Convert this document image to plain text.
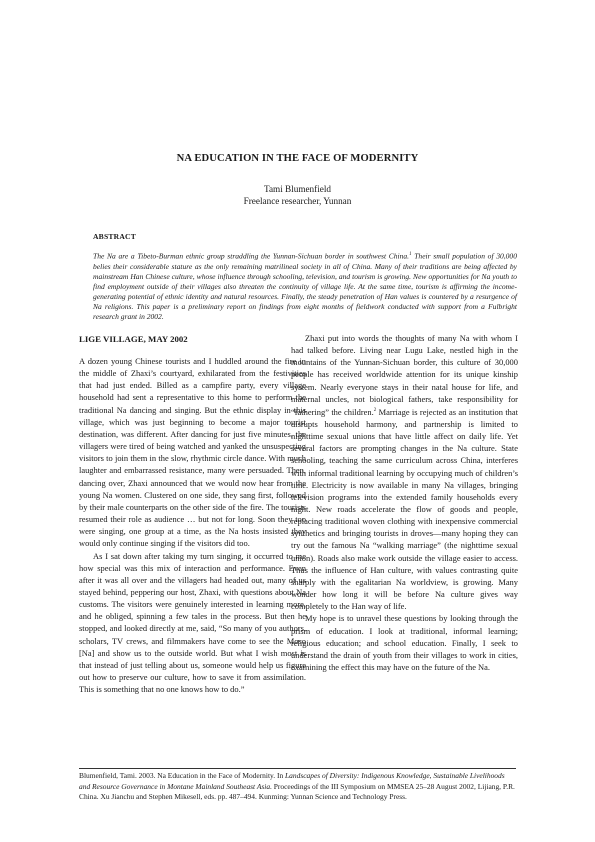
NA EDUCATION IN THE FACE OF MODERNITY
Tami Blumenfield
Freelance researcher, Yunnan
ABSTRACT

The Na are a Tibeto-Burman ethnic group straddling the Yunnan-Sichuan border in southwest China.$^1$ Their small population of 30,000 belies their considerable stature as the only remaining matrilineal society in all of China. Many of their traditions are being affected by mainstream Han Chinese culture, whose influence through schooling, television, and tourism is growing. New opportunities for Na youth to find employment outside of their villages also threaten the continuity of village life. At the same time, tourism is affirming the income-generating potential of ethnic identity and natural resources. Finally, the steady penetration of Han values is countered by a resurgence of Na religions. This paper is a preliminary report on findings from eight months of fieldwork conducted with support from a Fulbright research grant in 2002.

LIGE VILLAGE, MAY 2002

A dozen young Chinese tourists and I huddled around the fire in the middle of Zhaxi’s courtyard, exhilarated from the festivities that had just ended. Billed as a campfire party, every village household had sent a representative to this home to perform the traditional Na dancing and singing. But the ethnic display in this village, which was just beginning to become a major tourist destination, was different. After dancing for just five minutes, the villagers were tired of being watched and yanked the unsuspecting visitors to join them in the slow, rhythmic circle dance. With much laughter and embarrassed resistance, many were persuaded. Then, dancing over, Zhaxi announced that we would now hear from the young Na women. Clustered on one side, they sang first, followed by their male counterparts on the other side of the fire. The tourists resumed their role as audience … but not for long. Soon they too were singing, one group at a time, as the Na hosts insisted they would only continue singing if the visitors did too.

As I sat down after taking my turn singing, it occurred to me how special was this mix of interaction and performance. Even after it was all over and the villagers had headed out, many of us stayed behind, peppering our host, Zhaxi, with questions about Na customs. The visitors were genuinely interested in learning more, and he obliged, spinning a few tales in the process. But then he stopped, and looked directly at me, said, “So many of you authors, scholars, TV crews, and filmmakers have come to see the Moso [Na] and show us to the outside world. But what I wish most is that instead of just telling about us, someone would help us figure out how to preserve our culture, how to save it from assimilation. This is something that no one knows how to do.”

Zhaxi put into words the thoughts of many Na with whom I had talked before. Living near Lugu Lake, nestled high in the mountains of the Yunnan-Sichuan border, this culture of 30,000 people has received worldwide attention for its unique kinship system. Nearly everyone stays in their natal house for life, and maternal uncles, not biological fathers, take responsibility for “fathering” the children.$^2$ Marriage is rejected as an institution that disrupts household harmony, and partnership is limited to nighttime sexual unions that have little affect on daily life. Yet several factors are prompting changes in the Na culture. State schooling, teaching the same curriculum across China, interferes with informal traditional learning by occupying much of children’s time. Electricity is now available in many Na villages, bringing television programs into the extended family households every night. New roads accelerate the flow of goods and people, replacing traditional woven clothing with inexpensive commercial synthetics and bringing tourists in droves—many hoping they can try out the famous Na “walking marriage” (the nighttime sexual union). Roads also make work outside the village easier to access. Thus the influence of Han culture, with values contrasting quite sharply with the egalitarian Na worldview, is growing. Many wonder how long it will be before Na culture gives way completely to the Han way of life.

My hope is to unravel these questions by looking through the prism of education. I look at traditional, informal learning; religious education; and school education. Finally, I seek to understand the drain of youth from their villages to work in cities, examining the effect this may have on the future of the Na.

Blumenfield, Tami. 2003. Na Education in the Face of Modernity. In Landscapes of Diversity: Indigenous Knowledge, Sustainable Livelihoods and Resource Governance in Montane Mainland Southeast Asia. Proceedings of the III Symposium on MMSEA 25–28 August 2002, Lijiang, P.R. China. Xu Jianchu and Stephen Mikesell, eds. pp. 487–494. Kunming: Yunnan Science and Technology Press.
